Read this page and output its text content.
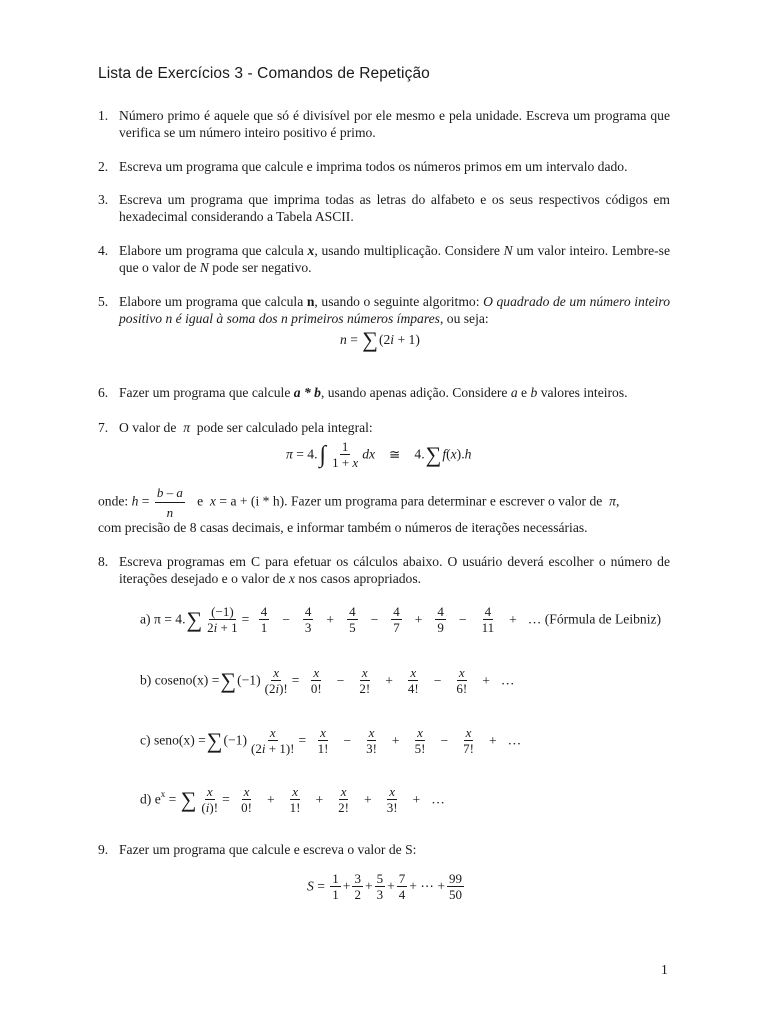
Lista de Exercícios 3 - Comandos de Repetição
1. Número primo é aquele que só é divisível por ele mesmo e pela unidade. Escreva um programa que verifica se um número inteiro positivo é primo.

2. Escreva um programa que calcule e imprima todos os números primos em um intervalo dado.

3. Escreva um programa que imprima todas as letras do alfabeto e os seus respectivos códigos em hexadecimal considerando a Tabela ASCII.

4. Elabore um programa que calcula x, usando multiplicação. Considere N um valor inteiro. Lembre-se que o valor de N pode ser negativo.

5. Elabore um programa que calcula n, usando o seguinte algoritmo: O quadrado de um número inteiro positivo n é igual à soma dos n primeiros números ímpares, ou seja:

n = ∑ (2i + 1)
6. Fazer um programa que calcule a * b, usando apenas adição. Considere a e b valores inteiros.

7. O valor de π pode ser calculado pela integral:

$\pi = 4.\int \frac{1}{1 + x}$ dx ≅ 4. ∑ f(x).h
onde: $h = \frac{b - a}{n}$ e x = a + (i * h). Fazer um programa para determinar e escrever o valor de π,
com precisão de 8 casas decimais, e informar também o números de iterações necessárias.
8. Escreva programas em C para efetuar os cálculos abaixo. O usuário deverá escolher o número de iterações desejado e o valor de x nos casos apropriados.

a) π = 4. ∑ $\frac{(-1)}{2i + 1} = \frac{4}{1} - \frac{4}{3} + \frac{4}{5} - \frac{4}{7} + \frac{4}{9} - \frac{4}{11}$ + … (Fórmula de Leibniz)
b) coseno(x) = ∑ $(-1) \frac{x}{(2i)!} = \frac{x}{0!} - \frac{x}{2!} + \frac{x}{4!} - \frac{x}{6!}$ + …
c) seno(x) = ∑ $(-1) \frac{x}{(2i + 1)!} = \frac{x}{1!} - \frac{x}{3!} + \frac{x}{5!} - \frac{x}{7!}$ + …
d) $e^x$ = ∑ $\frac{x}{(i)!} = \frac{x}{0!} + \frac{x}{1!} + \frac{x}{2!} + \frac{x}{3!}$ + …
9. Fazer um programa que calcule e escreva o valor de S:

$S = \frac{1}{1} + \frac{3}{2} + \frac{5}{3} + \frac{7}{4}$ + ⋯ + $\frac{99}{50}$
1
